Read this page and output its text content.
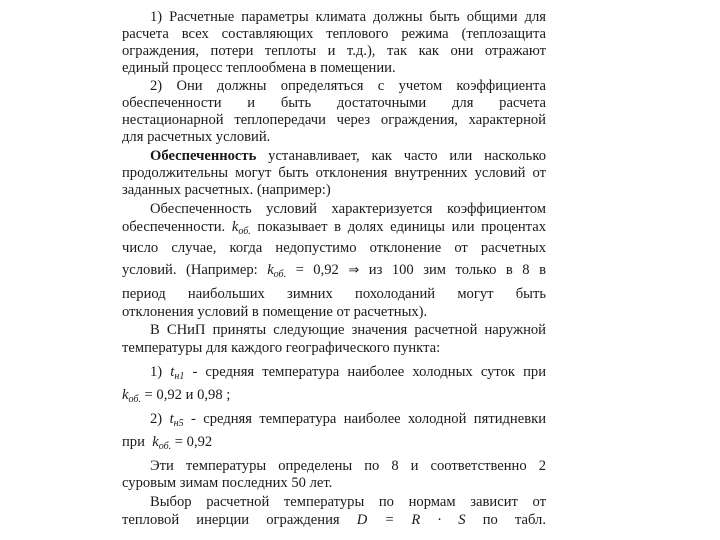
1) Расчетные параметры климата должны быть общими для
расчета всех составляющих теплового режима (теплозащита
ограждения, потери теплоты и т.д.), так как они отражают
единый процесс теплообмена в помещении.
2) Они должны определяться с учетом коэффициента
обеспеченности и быть достаточными для расчета
нестационарной теплопередачи через ограждения, характерной
для расчетных условий.
Обеспеченность устанавливает, как часто или насколько
продолжительны могут быть отклонения внутренних условий от
заданных расчетных. (например:)
Обеспеченность условий характеризуется коэффициентом
обеспеченности. $k_{об.}$ показывает в долях единицы или процентах
число случае, когда недопустимо отклонение от расчетных
условий. (Например: $k_{об.} = 0,92$ ⇒ из 100 зим только в 8 в
период наибольших зимних похолоданий могут быть
отклонения условий в помещение от расчетных).
В СНиП приняты следующие значения расчетной наружной
температуры для каждого географического пункта:
1) $t_{н1}$ - средняя температура наиболее холодных суток при
$k_{об.} = 0,92$ и 0,98 ;
2) $t_{н5}$ - средняя температура наиболее холодной пятидневки
при $k_{об.} = 0,92$
Эти температуры определены по 8 и соответственно 2
суровым зимам последних 50 лет.
Выбор расчетной температуры по нормам зависит от
тепловой инерции ограждения D = R · S по табл.
